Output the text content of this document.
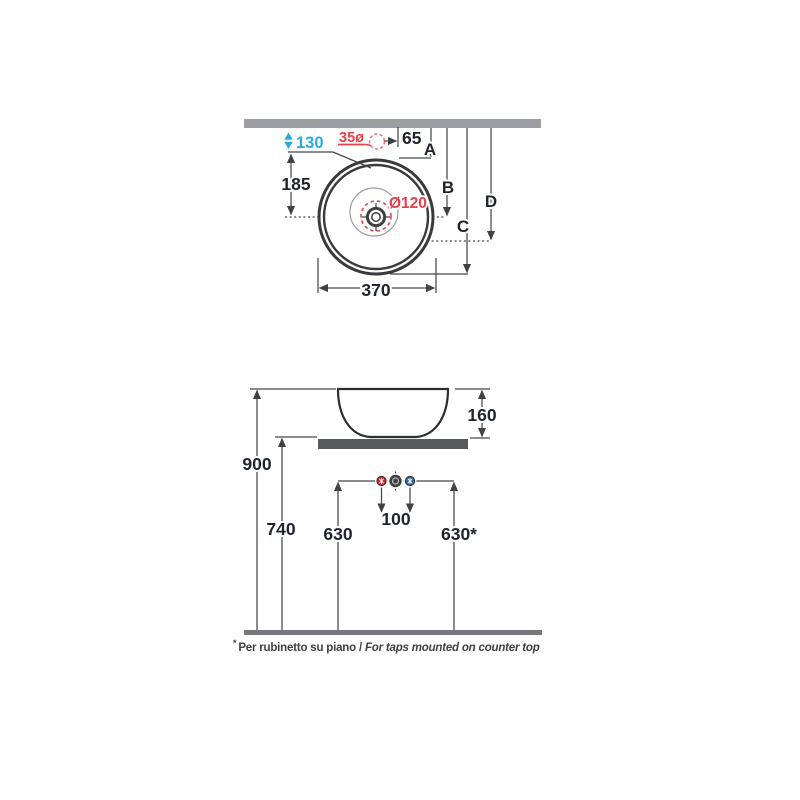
130 35ø 65
185
Ø120
370
A
B
C
D
900
740
160
100
630	630*
* Per rubinetto su piano / For taps mounted on counter top
